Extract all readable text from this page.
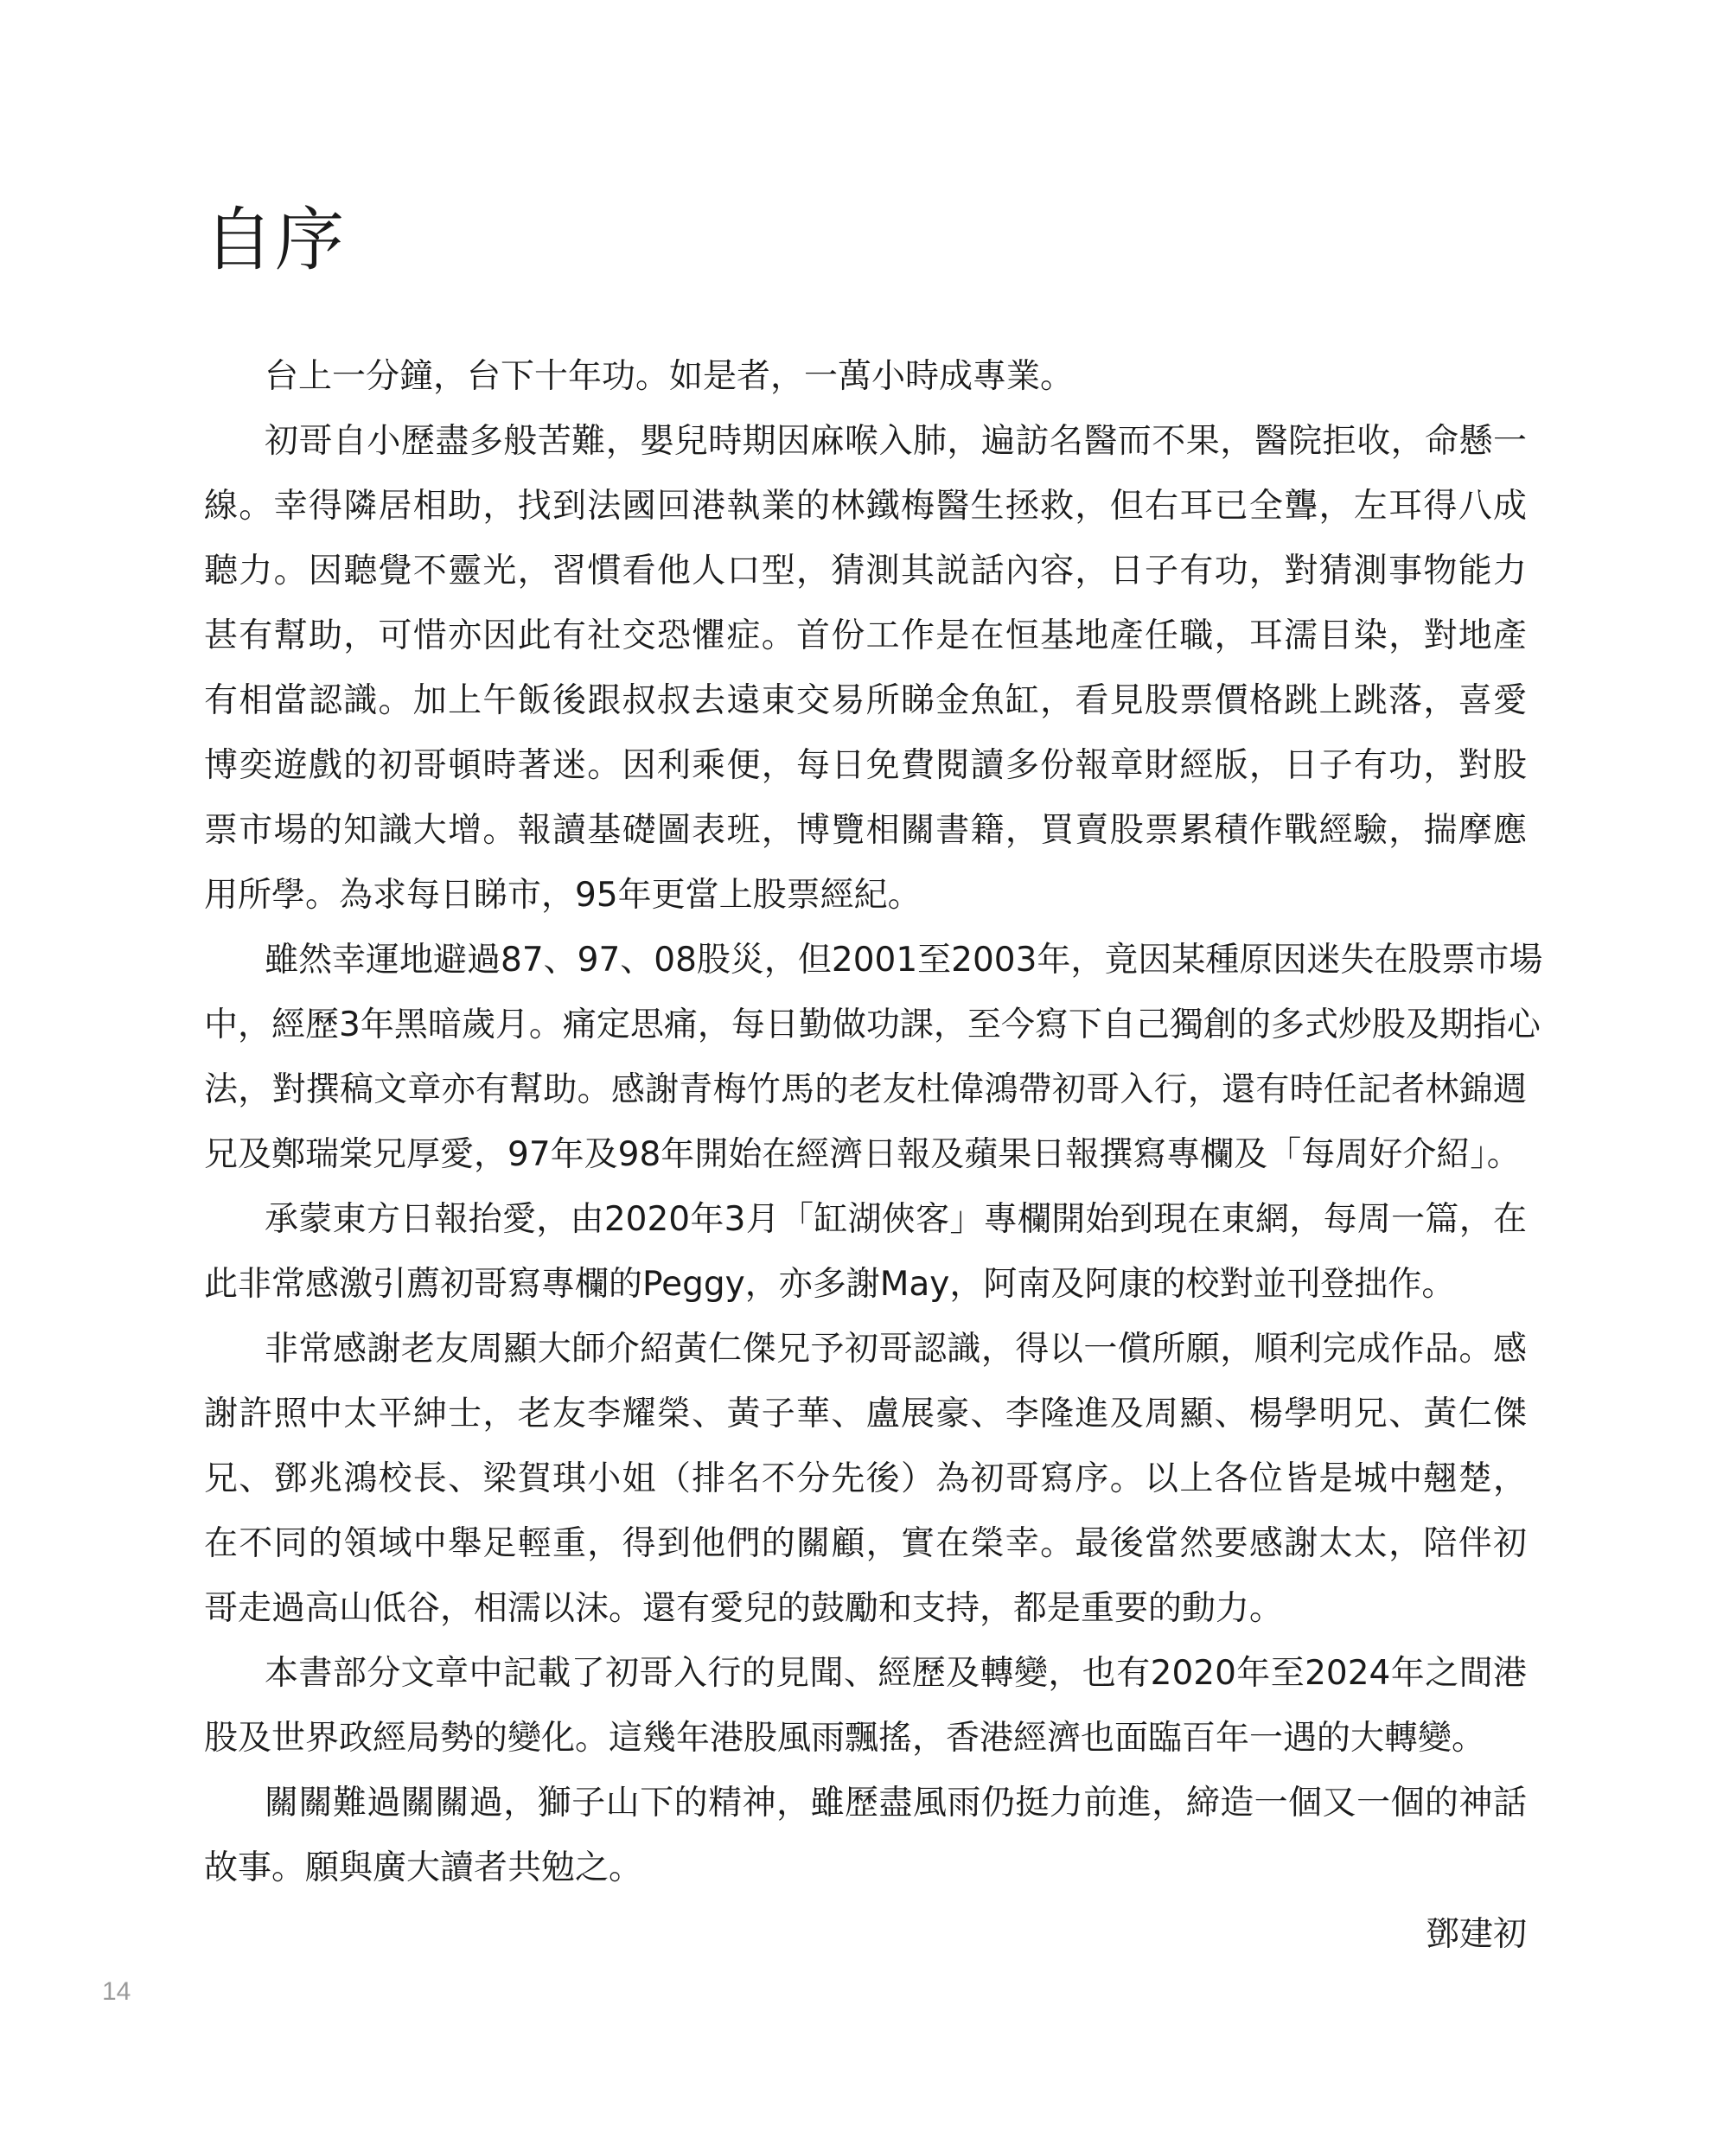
自序
台上一分鐘，台下十年功。如是者，一萬小時成專業。
初哥自小歷盡多般苦難，嬰兒時期因麻喉入肺，遍訪名醫而不果，醫院拒收，命懸一
線。幸得隣居相助，找到法國回港執業的林鐵梅醫生拯救，但右耳已全聾，左耳得八成
聽力。因聽覺不靈光，習慣看他人口型，猜測其説話內容，日子有功，對猜測事物能力
甚有幫助，可惜亦因此有社交恐懼症。首份工作是在恒基地產任職，耳濡目染，對地產
有相當認識。加上午飯後跟叔叔去遠東交易所睇金魚缸，看見股票價格跳上跳落，喜愛
博奕遊戲的初哥頓時著迷。因利乘便，每日免費閱讀多份報章財經版，日子有功，對股
票市場的知識大增。報讀基礎圖表班，博覽相關書籍，買賣股票累積作戰經驗，揣摩應
用所學。為求每日睇市，95年更當上股票經紀。
雖然幸運地避過87、97、08股災，但2001至2003年，竟因某種原因迷失在股票市場
中，經歷3年黑暗歲月。痛定思痛，每日勤做功課，至今寫下自己獨創的多式炒股及期指心
法，對撰稿文章亦有幫助。感謝青梅竹馬的老友杜偉鴻帶初哥入行，還有時任記者林錦週
兄及鄭瑞棠兄厚愛，97年及98年開始在經濟日報及蘋果日報撰寫專欄及「每周好介紹」。
承蒙東方日報抬愛，由2020年3月「缸湖俠客」專欄開始到現在東網，每周一篇，在
此非常感激引薦初哥寫專欄的Peggy，亦多謝May，阿南及阿康的校對並刊登拙作。
非常感謝老友周顯大師介紹黃仁傑兄予初哥認識，得以一償所願，順利完成作品。感
謝許照中太平紳士，老友李耀榮、黃子華、盧展豪、李隆進及周顯、楊學明兄、黃仁傑
兄、鄧兆鴻校長、梁賀琪小姐（排名不分先後）為初哥寫序。以上各位皆是城中翹楚，
在不同的領域中舉足輕重，得到他們的關顧，實在榮幸。最後當然要感謝太太，陪伴初
哥走過高山低谷，相濡以沫。還有愛兒的鼓勵和支持，都是重要的動力。
本書部分文章中記載了初哥入行的見聞、經歷及轉變，也有2020年至2024年之間港
股及世界政經局勢的變化。這幾年港股風雨飄搖，香港經濟也面臨百年一遇的大轉變。
關關難過關關過，獅子山下的精神，雖歷盡風雨仍挺力前進，締造一個又一個的神話
故事。願與廣大讀者共勉之。

鄧建初

14
